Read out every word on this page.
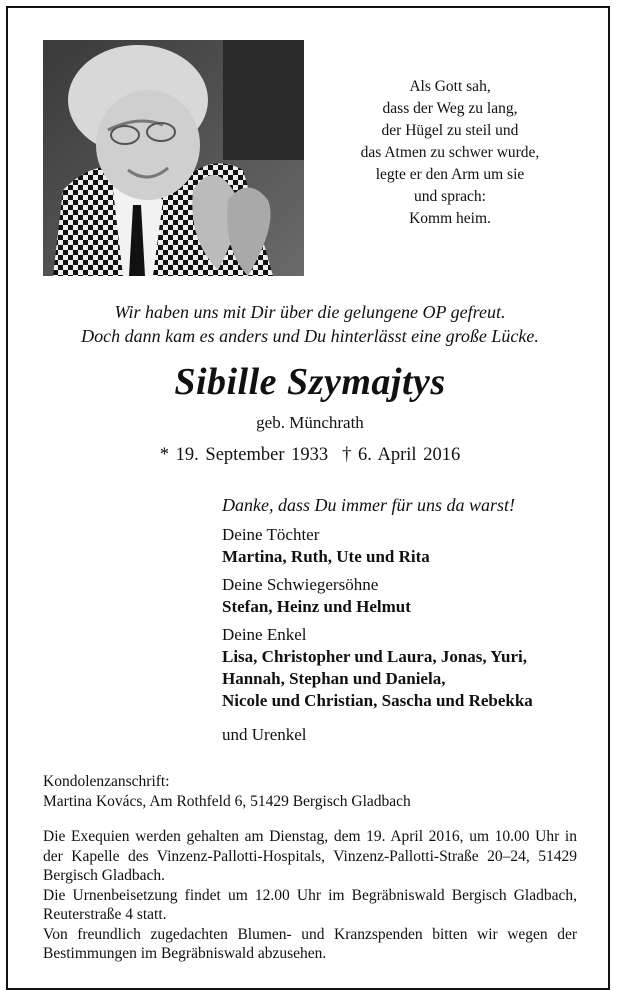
Als Gott sah,
dass der Weg zu lang,
der Hügel zu steil und
das Atmen zu schwer wurde,
legte er den Arm um sie
und sprach:
Komm heim.
Wir haben uns mit Dir über die gelungene OP gefreut.
Doch dann kam es anders und Du hinterlässt eine große Lücke.
Sibille Szymajtys
geb. Münchrath
* 19. September 1933 † 6. April 2016
Danke, dass Du immer für uns da warst!
Deine Töchter
Martina, Ruth, Ute und Rita
Deine Schwiegersöhne
Stefan, Heinz und Helmut
Deine Enkel
Lisa, Christopher und Laura, Jonas, Yuri,
Hannah, Stephan und Daniela,
Nicole und Christian, Sascha und Rebekka
und Urenkel
Kondolenzanschrift:
Martina Kovács, Am Rothfeld 6, 51429 Bergisch Gladbach

Die Exequien werden gehalten am Dienstag, dem 19. April 2016, um 10.00 Uhr in der Kapelle des Vinzenz-Pallotti-Hospitals, Vinzenz-Pallotti-Straße 20–24, 51429 Bergisch Gladbach.

Die Urnenbeisetzung findet um 12.00 Uhr im Begräbniswald Bergisch Gladbach, Reuterstraße 4 statt.

Von freundlich zugedachten Blumen- und Kranzspenden bitten wir wegen der Bestimmungen im Begräbniswald abzusehen.
